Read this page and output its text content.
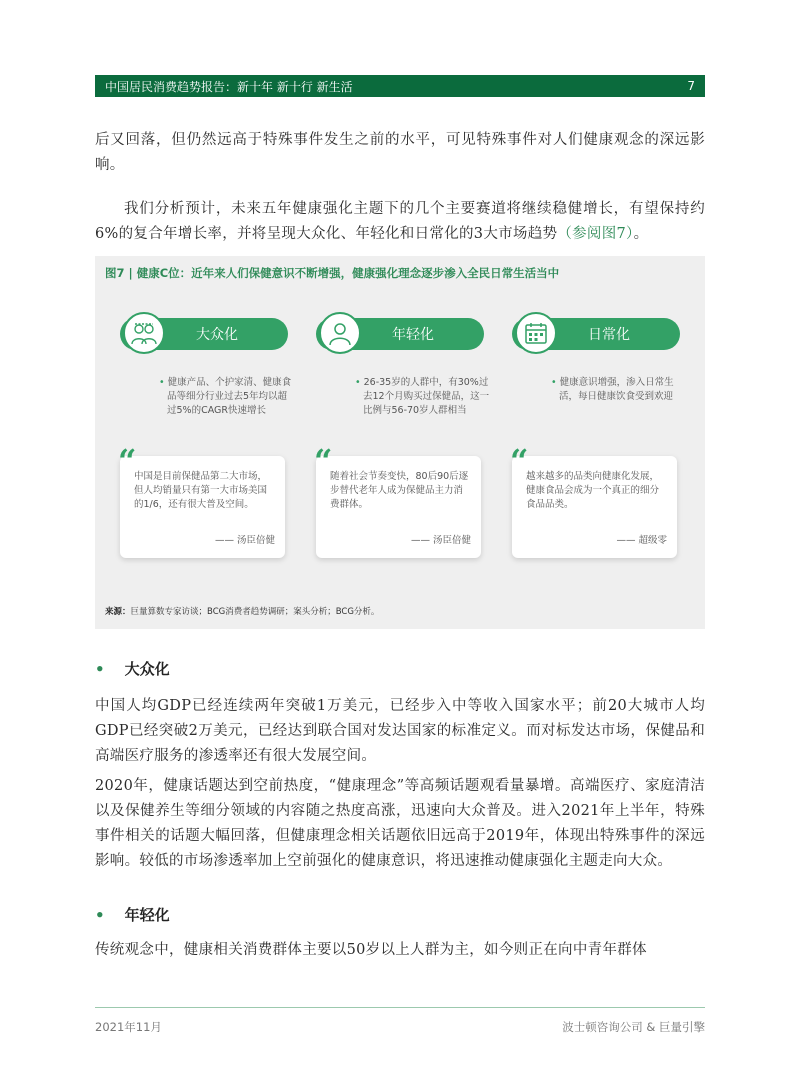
中国居民消费趋势报告：新十年 新十行 新生活	7

后又回落，但仍然远高于特殊事件发生之前的水平，可见特殊事件对人们健康观念的深远影响。

我们分析预计，未来五年健康强化主题下的几个主要赛道将继续稳健增长，有望保持约6%的复合年增长率，并将呈现大众化、年轻化和日常化的3大市场趋势（参阅图7）。

图7 | 健康C位：近年来人们保健意识不断增强，健康强化理念逐步渗入全民日常生活当中
大众化
• 健康产品、个护家清、健康食品等细分行业过去5年均以超过5%的CAGR快速增长
“
中国是目前保健品第二大市场，但人均销量只有第一大市场美国的1/6，还有很大普及空间。
—— 汤臣倍健
年轻化
• 26-35岁的人群中，有30%过去12个月购买过保健品，这一比例与56-70岁人群相当
“
随着社会节奏变快，80后90后逐步替代老年人成为保健品主力消费群体。
—— 汤臣倍健
日常化
• 健康意识增强，渗入日常生活，每日健康饮食受到欢迎
“
越来越多的品类向健康化发展，健康食品会成为一个真正的细分食品品类。
—— 超级零
来源：巨量算数专家访谈；BCG消费者趋势调研；案头分析；BCG分析。
• 大众化

中国人均GDP已经连续两年突破1万美元，已经步入中等收入国家水平；前20大城市人均GDP已经突破2万美元，已经达到联合国对发达国家的标准定义。而对标发达市场，保健品和高端医疗服务的渗透率还有很大发展空间。

2020年，健康话题达到空前热度，“健康理念”等高频话题观看量暴增。高端医疗、家庭清洁以及保健养生等细分领域的内容随之热度高涨，迅速向大众普及。进入2021年上半年，特殊事件相关的话题大幅回落，但健康理念相关话题依旧远高于2019年，体现出特殊事件的深远影响。较低的市场渗透率加上空前强化的健康意识，将迅速推动健康强化主题走向大众。

• 年轻化

传统观念中，健康相关消费群体主要以50岁以上人群为主，如今则正在向中青年群体

2021年11月	波士顿咨询公司 & 巨量引擎
